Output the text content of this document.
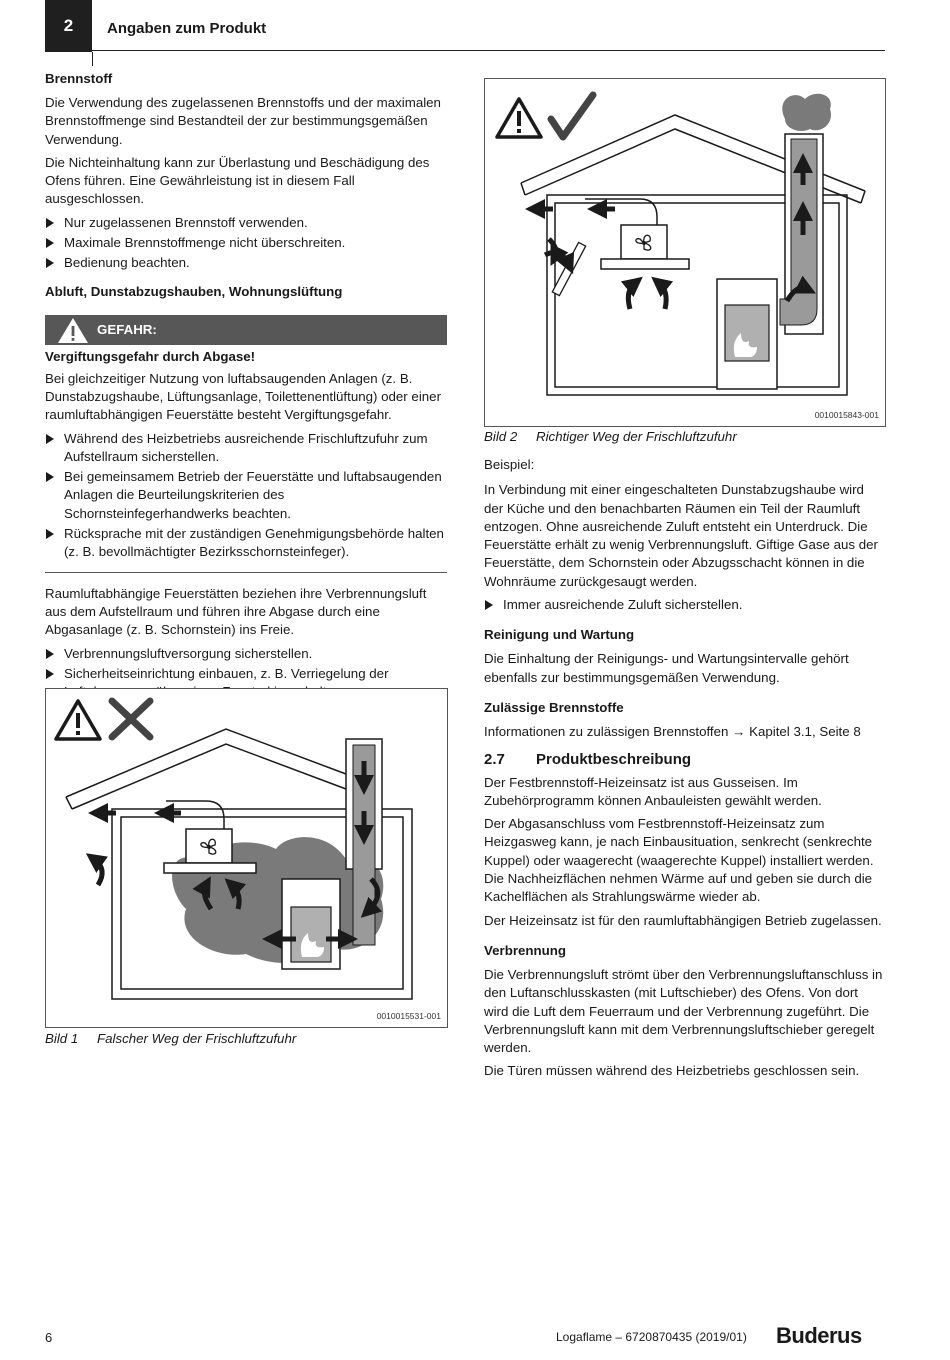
2 Angaben zum Produkt
Brennstoff

Die Verwendung des zugelassenen Brennstoffs und der maximalen Brennstoffmenge sind Bestandteil der zur bestimmungsgemäßen Verwendung.

Die Nichteinhaltung kann zur Überlastung und Beschädigung des Ofens führen. Eine Gewährleistung ist in diesem Fall ausgeschlossen.

Nur zugelassenen Brennstoff verwenden.
Maximale Brennstoffmenge nicht überschreiten.
Bedienung beachten.
Abluft, Dunstabzugshauben, Wohnungslüftung
GEFAHR:
Vergiftungsgefahr durch Abgase!

Bei gleichzeitiger Nutzung von luftabsaugenden Anlagen (z. B. Dunstabzugshaube, Lüftungsanlage, Toilettenentlüftung) oder einer raumluftabhängigen Feuerstätte besteht Vergiftungsgefahr.

Während des Heizbetriebs ausreichende Frischluftzufuhr zum Aufstellraum sicherstellen.
Bei gemeinsamem Betrieb der Feuerstätte und luftabsaugenden Anlagen die Beurteilungskriterien des Schornsteinfegerhandwerks beachten.
Rücksprache mit der zuständigen Genehmigungsbehörde halten (z. B. bevollmächtigter Bezirksschornsteinfeger).

Raumluftabhängige Feuerstätten beziehen ihre Verbrennungsluft aus dem Aufstellraum und führen ihre Abgase durch eine Abgasanlage (z. B. Schornstein) ins Freie.

Verbrennungsluftversorgung sicherstellen.
Sicherheitseinrichtung einbauen, z. B. Verriegelung der
0010015531-001
Bild 1 Falscher Weg der Frischluftzufuhr
0010015843-001
Bild 2 Richtiger Weg der Frischluftzufuhr

Beispiel:

In Verbindung mit einer eingeschalteten Dunstabzugshaube wird der Küche und den benachbarten Räumen ein Teil der Raumluft entzogen. Ohne ausreichende Zuluft entsteht ein Unterdruck. Die Feuerstätte erhält zu wenig Verbrennungsluft. Giftige Gase aus der Feuerstätte, dem Schornstein oder Abzugsschacht können in die Wohnräume zurückgesaugt werden.

Immer ausreichende Zuluft sicherstellen.
Reinigung und Wartung

Die Einhaltung der Reinigungs- und Wartungsintervalle gehört ebenfalls zur bestimmungsgemäßen Verwendung.

Zulässige Brennstoffe

Informationen zu zulässigen Brennstoffen → Kapitel 3.1, Seite 8

2.7 Produktbeschreibung

Der Festbrennstoff-Heizeinsatz ist aus Gusseisen. Im Zubehörprogramm können Anbauleisten gewählt werden.

Der Abgasanschluss vom Festbrennstoff-Heizeinsatz zum Heizgasweg kann, je nach Einbausituation, senkrecht (senkrechte Kuppel) oder waagerecht (waagerechte Kuppel) installiert werden. Die Nachheizflächen nehmen Wärme auf und geben sie durch die Kachelflächen als Strahlungswärme wieder ab.

Der Heizeinsatz ist für den raumluftabhängigen Betrieb zugelassen.

Verbrennung

Die Verbrennungsluft strömt über den Verbrennungsluftanschluss in den Luftanschlusskasten (mit Luftschieber) des Ofens. Von dort wird die Luft dem Feuerraum und der Verbrennung zugeführt. Die Verbrennungsluft kann mit dem Verbrennungsluftschieber geregelt werden.

Die Türen müssen während des Heizbetriebs geschlossen sein.

6	Logaflame – 6720870435 (2019/01) Buderus
